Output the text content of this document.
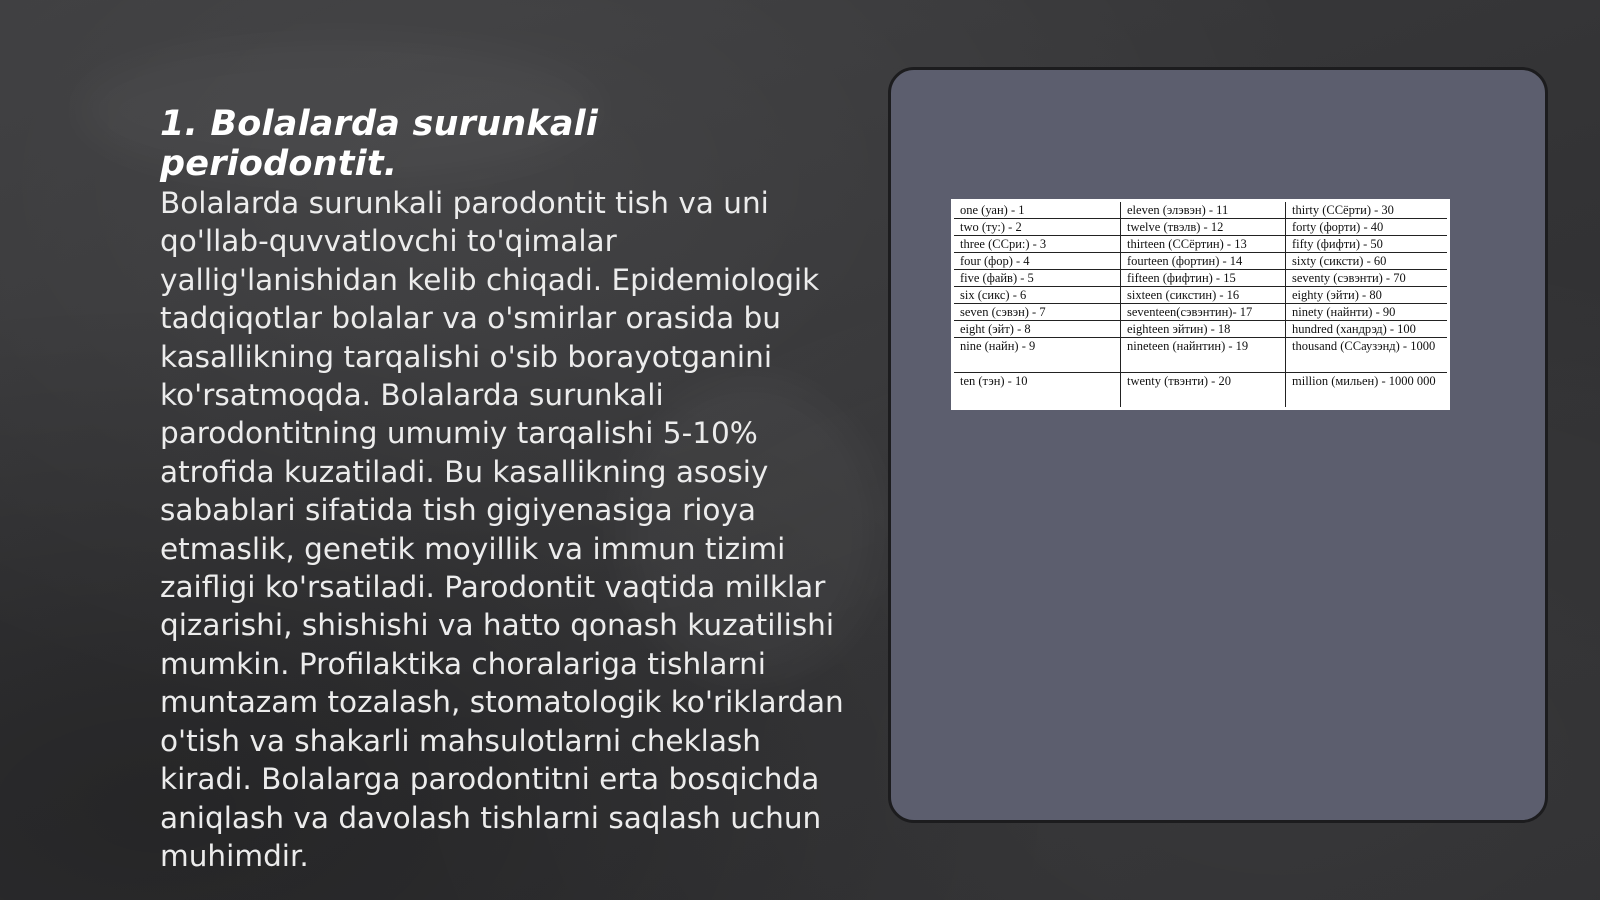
1. Bolalarda surunkali periodontit.

Bolalarda surunkali parodontit tish va uni qo'llab-quvvatlovchi to'qimalar yallig'lanishidan kelib chiqadi. Epidemiologik tadqiqotlar bolalar va o'smirlar orasida bu kasallikning tarqalishi o'sib borayotganini ko'rsatmoqda. Bolalarda surunkali parodontitning umumiy tarqalishi 5-10% atrofida kuzatiladi. Bu kasallikning asosiy sabablari sifatida tish gigiyenasiga rioya etmaslik, genetik moyillik va immun tizimi zaifligi ko'rsatiladi. Parodontit vaqtida milklar qizarishi, shishishi va hatto qonash kuzatilishi mumkin. Profilaktika choralariga tishlarni muntazam tozalash, stomatologik ko'riklardan o'tish va shakarli mahsulotlarni cheklash kiradi. Bolalarga parodontitni erta bosqichda aniqlash va davolash tishlarni saqlash uchun muhimdir.

one (уан) - 1	eleven (элэвэн) - 11	thirty (ССёрти) - 30
two (ту:) - 2	twelve (твэлв) - 12	forty (форти) - 40
three (ССри:) - 3	thirteen (ССёртин) - 13	fifty (фифти) - 50
four (фор) - 4	fourteen (фортин) - 14	sixty (сиксти) - 60
five (файв) - 5	fifteen (фифтин) - 15	seventy (сэвэнти) - 70
six (сикс) - 6	sixteen (сикстин) - 16	eighty (эйти) - 80
seven (сэвэн) - 7	seventeen(сэвэнтин)- 17	ninety (найнти) - 90
eight (эйт) - 8	eighteen эйтин) - 18	hundred (хандрэд) - 100
nine (найн) - 9	nineteen (найнтин) - 19	thousand (ССаузэнд) - 1000
ten (тэн) - 10	twenty (твэнти) - 20	million (мильен) - 1000 000
